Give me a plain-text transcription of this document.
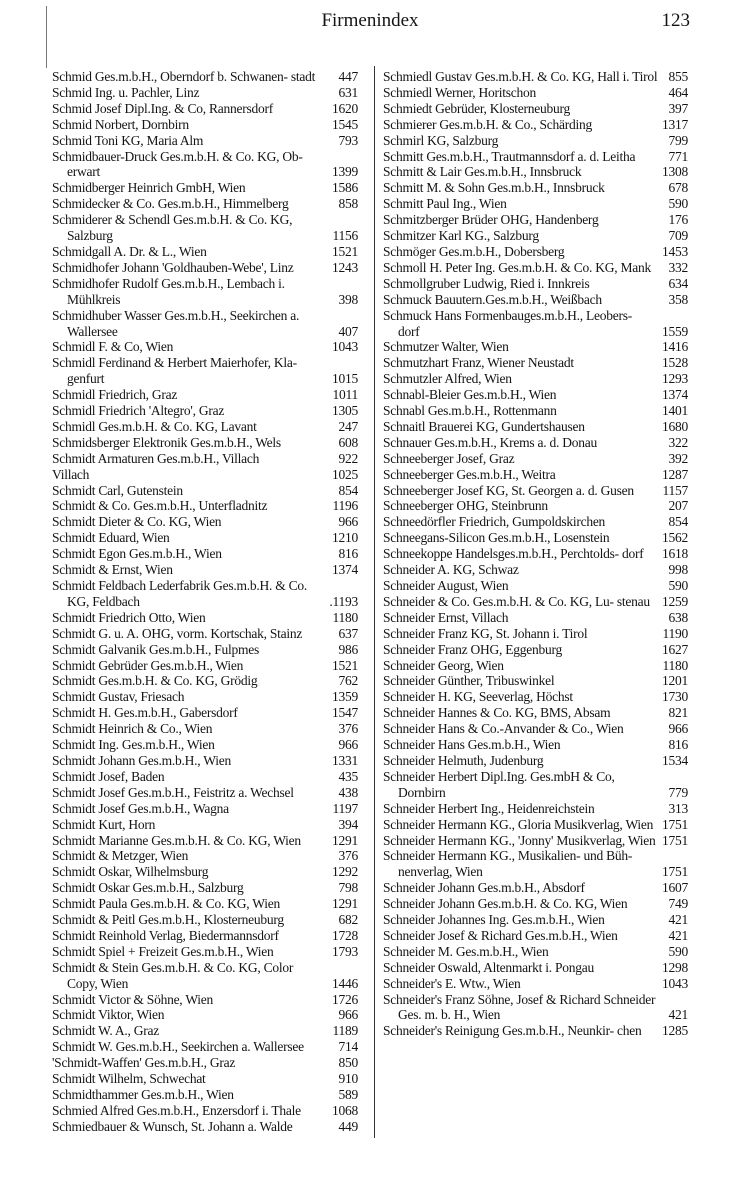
Firmenindex	123
Schmid Ges.m.b.H., Oberndorf b. Schwanen- stadt	447
Schmid Ing. u. Pachler, Linz	631
Schmid Josef Dipl.Ing. & Co, Rannersdorf	1620
Schmid Norbert, Dornbirn	1545
Schmid Toni KG, Maria Alm	793
Schmidbauer-Druck Ges.m.b.H. & Co. KG, Ob- erwart	1399
Schmidberger Heinrich GmbH, Wien	1586
Schmidecker & Co. Ges.m.b.H., Himmelberg	858
Schmiderer & Schendl Ges.m.b.H. & Co. KG, Salzburg	1156
Schmidgall A. Dr. & L., Wien	1521
Schmidhofer Johann 'Goldhauben-Webe', Linz	1243
Schmidhofer Rudolf Ges.m.b.H., Lembach i. Mühlkreis	398
Schmidhuber Wasser Ges.m.b.H., Seekirchen a. Wallersee	407
Schmidl F. & Co, Wien	1043
Schmidl Ferdinand & Herbert Maierhofer, Kla- genfurt	1015
Schmidl Friedrich, Graz	1011
Schmidl Friedrich 'Altegro', Graz	1305
Schmidl Ges.m.b.H. & Co. KG, Lavant	247
Schmidsberger Elektronik Ges.m.b.H., Wels	608
Schmidt Armaturen Ges.m.b.H., Villach	922
Villach	1025
Schmidt Carl, Gutenstein	854
Schmidt & Co. Ges.m.b.H., Unterfladnitz	1196
Schmidt Dieter & Co. KG, Wien	966
Schmidt Eduard, Wien	1210
Schmidt Egon Ges.m.b.H., Wien	816
Schmidt & Ernst, Wien	1374
Schmidt Feldbach Lederfabrik Ges.m.b.H. & Co. KG, Feldbach	.1193
Schmidt Friedrich Otto, Wien	1180
Schmidt G. u. A. OHG, vorm. Kortschak, Stainz	637
Schmidt Galvanik Ges.m.b.H., Fulpmes	986
Schmidt Gebrüder Ges.m.b.H., Wien	1521
Schmidt Ges.m.b.H. & Co. KG, Grödig	762
Schmidt Gustav, Friesach	1359
Schmidt H. Ges.m.b.H., Gabersdorf	1547
Schmidt Heinrich & Co., Wien	376
Schmidt Ing. Ges.m.b.H., Wien	966
Schmidt Johann Ges.m.b.H., Wien	1331
Schmidt Josef, Baden	435
Schmidt Josef Ges.m.b.H., Feistritz a. Wechsel	438
Schmidt Josef Ges.m.b.H., Wagna	1197
Schmidt Kurt, Horn	394
Schmidt Marianne Ges.m.b.H. & Co. KG, Wien	1291
Schmidt & Metzger, Wien	376
Schmidt Oskar, Wilhelmsburg	1292
Schmidt Oskar Ges.m.b.H., Salzburg	798
Schmidt Paula Ges.m.b.H. & Co. KG, Wien	1291
Schmidt & Peitl Ges.m.b.H., Klosterneuburg	682
Schmidt Reinhold Verlag, Biedermannsdorf	1728
Schmidt Spiel + Freizeit Ges.m.b.H., Wien	1793
Schmidt & Stein Ges.m.b.H. & Co. KG, Color Copy, Wien	1446
Schmidt Victor & Söhne, Wien	1726
Schmidt Viktor, Wien	966
Schmidt W. A., Graz	1189
Schmidt W. Ges.m.b.H., Seekirchen a. Wallersee	714
'Schmidt-Waffen' Ges.m.b.H., Graz	850
Schmidt Wilhelm, Schwechat	910
Schmidthammer Ges.m.b.H., Wien	589
Schmied Alfred Ges.m.b.H., Enzersdorf i. Thale	1068
Schmiedbauer & Wunsch, St. Johann a. Walde	449
Schmiedl Gustav Ges.m.b.H. & Co. KG, Hall i. Tirol 855
Schmiedl Werner, Horitschon	464
Schmiedt Gebrüder, Klosterneuburg	397
Schmierer Ges.m.b.H. & Co., Schärding	1317
Schmirl KG, Salzburg	799
Schmitt Ges.m.b.H., Trautmannsdorf a. d. Leitha	771
Schmitt & Lair Ges.m.b.H., Innsbruck	1308
Schmitt M. & Sohn Ges.m.b.H., Innsbruck	678
Schmitt Paul Ing., Wien	590
Schmitzberger Brüder OHG, Handenberg	176
Schmitzer Karl KG., Salzburg	709
Schmöger Ges.m.b.H., Dobersberg	1453
Schmoll H. Peter Ing. Ges.m.b.H. & Co. KG, Mank	332
Schmollgruber Ludwig, Ried i. Innkreis	634
Schmuck Bauutern.Ges.m.b.H., Weißbach	358
Schmuck Hans Formenbauges.m.b.H., Leobers- dorf	1559
Schmutzer Walter, Wien	1416
Schmutzhart Franz, Wiener Neustadt	1528
Schmutzler Alfred, Wien	1293
Schnabl-Bleier Ges.m.b.H., Wien	1374
Schnabl Ges.m.b.H., Rottenmann	1401
Schnaitl Brauerei KG, Gundertshausen	1680
Schnauer Ges.m.b.H., Krems a. d. Donau	322
Schneeberger Josef, Graz	392
Schneeberger Ges.m.b.H., Weitra	1287
Schneeberger Josef KG, St. Georgen a. d. Gusen	1157
Schneeberger OHG, Steinbrunn	207
Schneedörfler Friedrich, Gumpoldskirchen	854
Schneegans-Silicon Ges.m.b.H., Losenstein	1562
Schneekoppe Handelsges.m.b.H., Perchtolds- dorf	1618
Schneider A. KG, Schwaz	998
Schneider August, Wien	590
Schneider & Co. Ges.m.b.H. & Co. KG, Lu- stenau 1259
Schneider Ernst, Villach	638
Schneider Franz KG, St. Johann i. Tirol	1190
Schneider Franz OHG, Eggenburg	1627
Schneider Georg, Wien	1180
Schneider Günther, Tribuswinkel	1201
Schneider H. KG, Seeverlag, Höchst	1730
Schneider Hannes & Co. KG, BMS, Absam	821
Schneider Hans & Co.-Anvander & Co., Wien	966
Schneider Hans Ges.m.b.H., Wien	816
Schneider Helmuth, Judenburg	1534
Schneider Herbert Dipl.Ing. Ges.mbH & Co, Dornbirn	779
Schneider Herbert Ing., Heidenreichstein	313
Schneider Hermann KG., Gloria Musikverlag, Wien 1751
Schneider Hermann KG., 'Jonny' Musikverlag, Wien 1751
Schneider Hermann KG., Musikalien- und Büh- nenverlag, Wien	1751
Schneider Johann Ges.m.b.H., Absdorf	1607
Schneider Johann Ges.m.b.H. & Co. KG, Wien	749
Schneider Johannes Ing. Ges.m.b.H., Wien	421
Schneider Josef & Richard Ges.m.b.H., Wien	421
Schneider M. Ges.m.b.H., Wien	590
Schneider Oswald, Altenmarkt i. Pongau	1298
Schneider's E. Wtw., Wien	1043
Schneider's Franz Söhne, Josef & Richard Schneider Ges. m. b. H., Wien	421
Schneider's Reinigung Ges.m.b.H., Neunkir- chen	1285
